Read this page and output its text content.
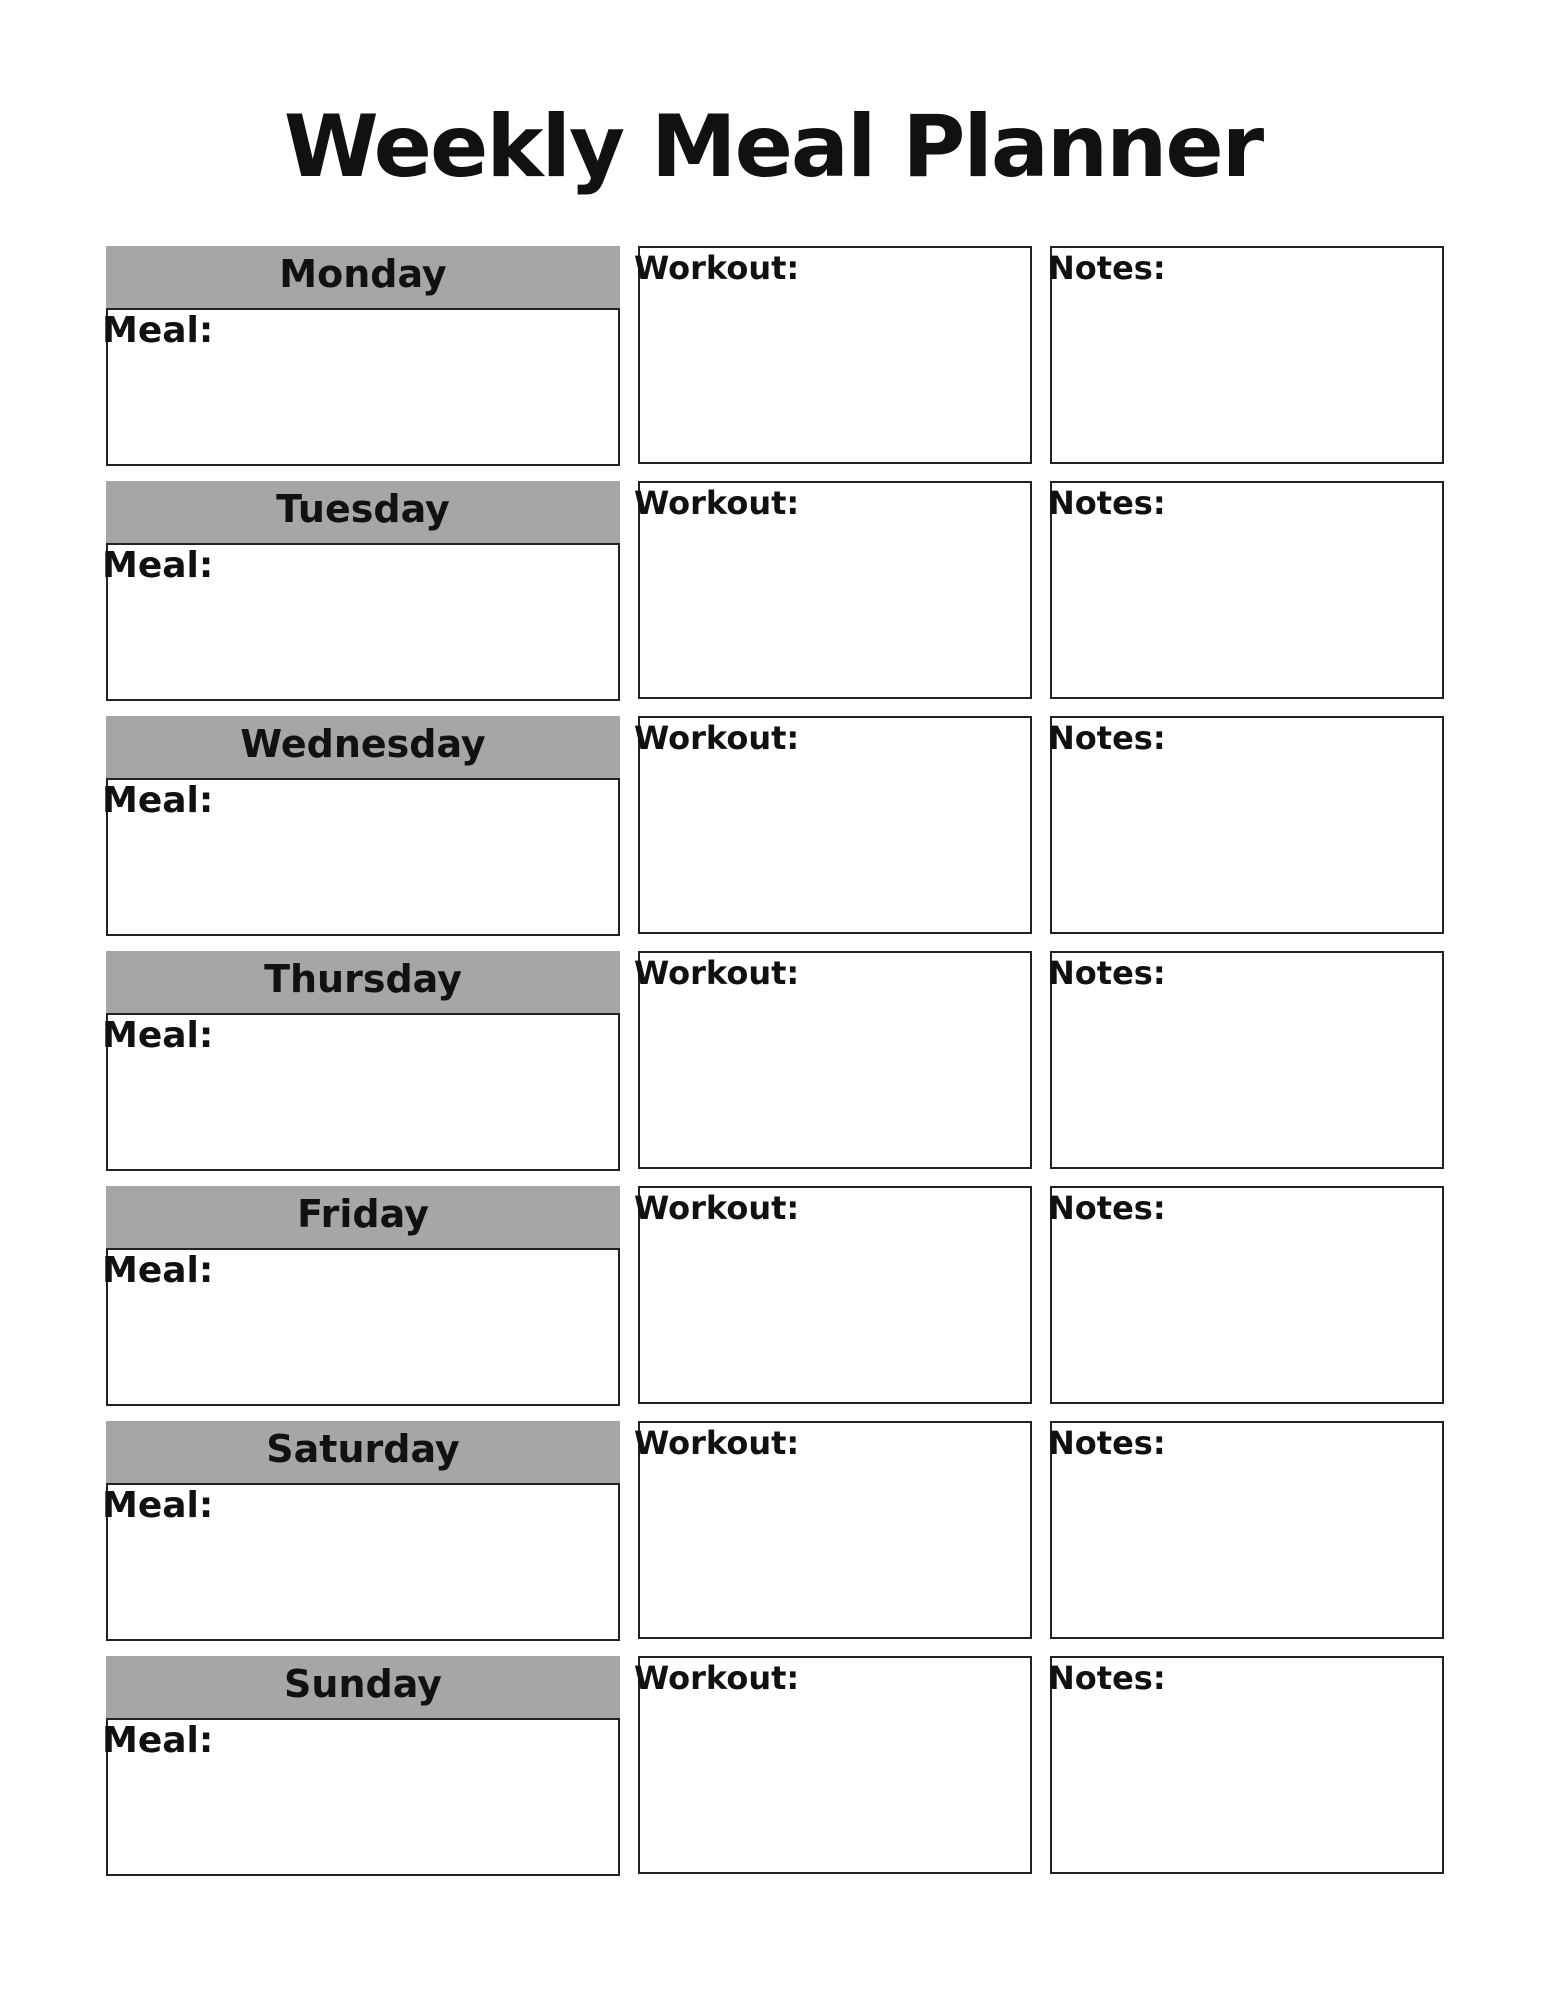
Weekly Meal Planner
Monday
Meal:
Workout:	Notes:
Tuesday
Meal:
Workout:	Notes:
Wednesday
Meal:
Workout:	Notes:
Thursday
Meal:
Workout:	Notes:
Friday
Meal:
Workout:	Notes:
Saturday
Meal:
Workout:	Notes:
Sunday
Meal:
Workout:	Notes:
